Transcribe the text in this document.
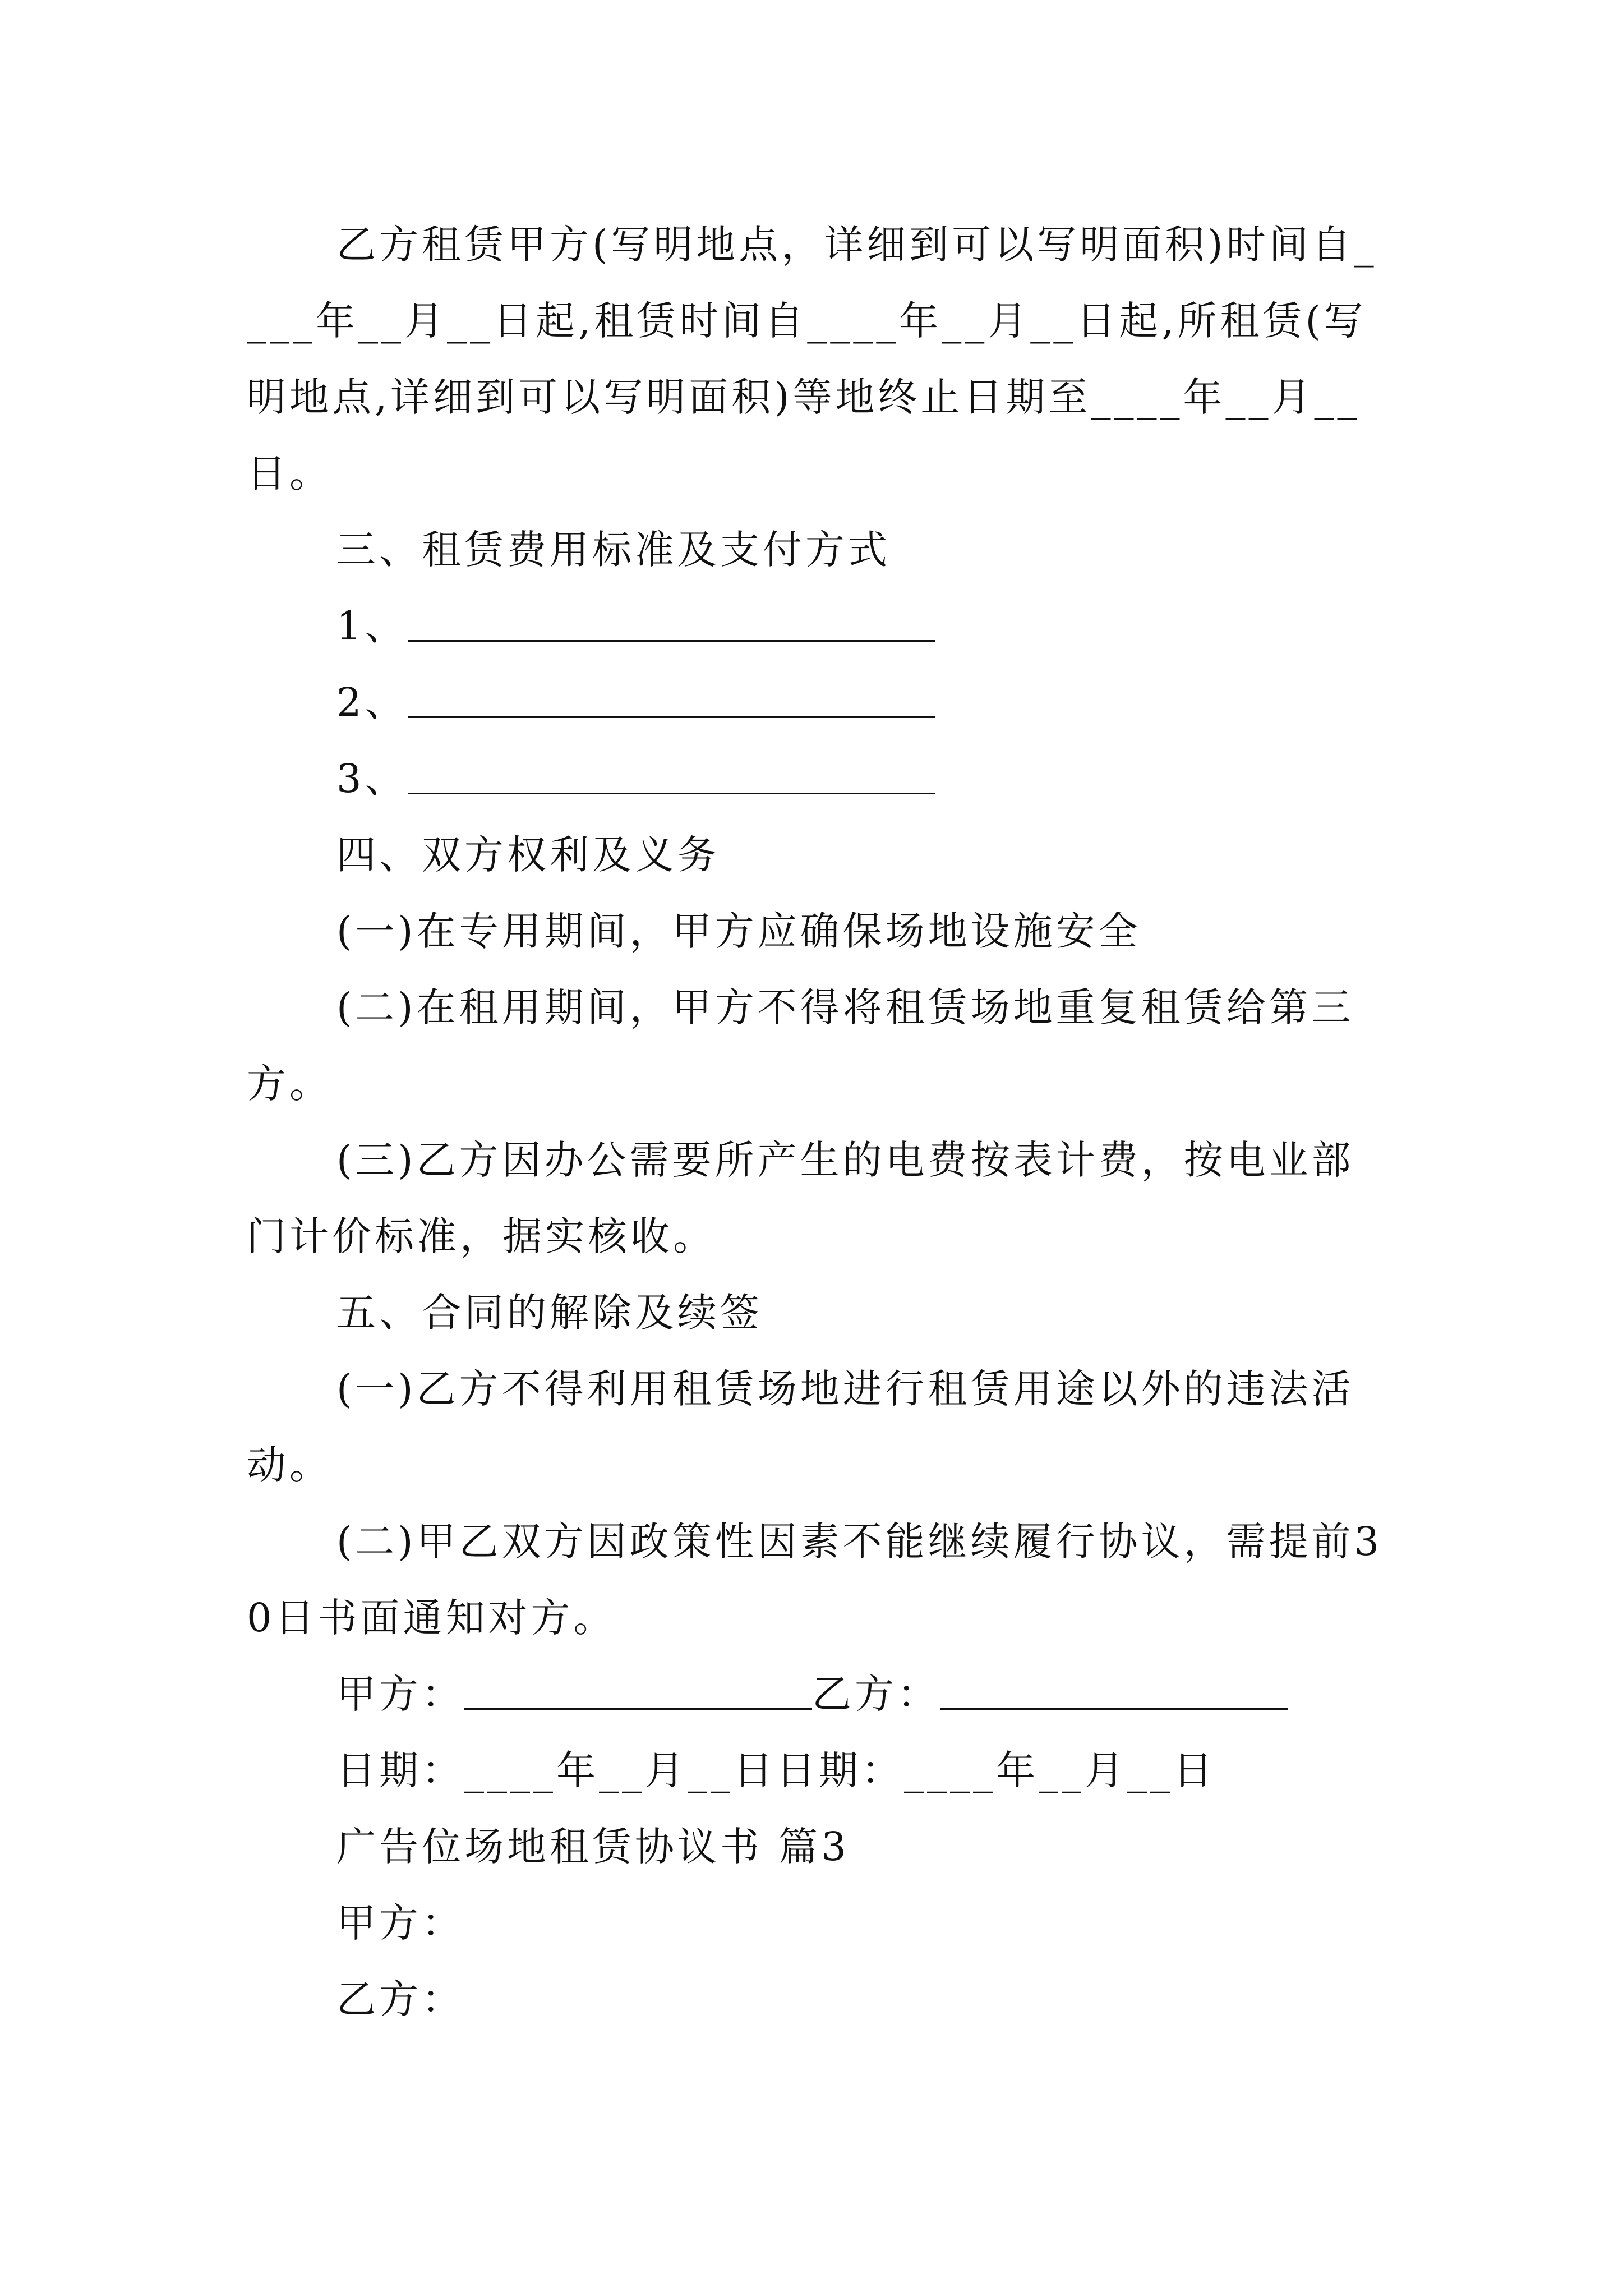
乙方租赁甲方(写明地点，详细到可以写明面积)时间自____年__月__日起,租赁时间自____年__月__日起,所租赁(写明地点,详细到可以写明面积)等地终止日期至____年__月__日。

三、租赁费用标准及支付方式
1、
2、
3、
四、双方权利及义务
(一)在专用期间，甲方应确保场地设施安全

(二)在租用期间，甲方不得将租赁场地重复租赁给第三方。

(三)乙方因办公需要所产生的电费按表计费，按电业部门计价标准，据实核收。

五、合同的解除及续签

(一)乙方不得利用租赁场地进行租赁用途以外的违法活动。

(二)甲乙双方因政策性因素不能继续履行协议，需提前30日书面通知对方。

甲方：	乙方：
日期：____年__月__日日期：____年__月__日
广告位场地租赁协议书 篇3
甲方：
乙方：
